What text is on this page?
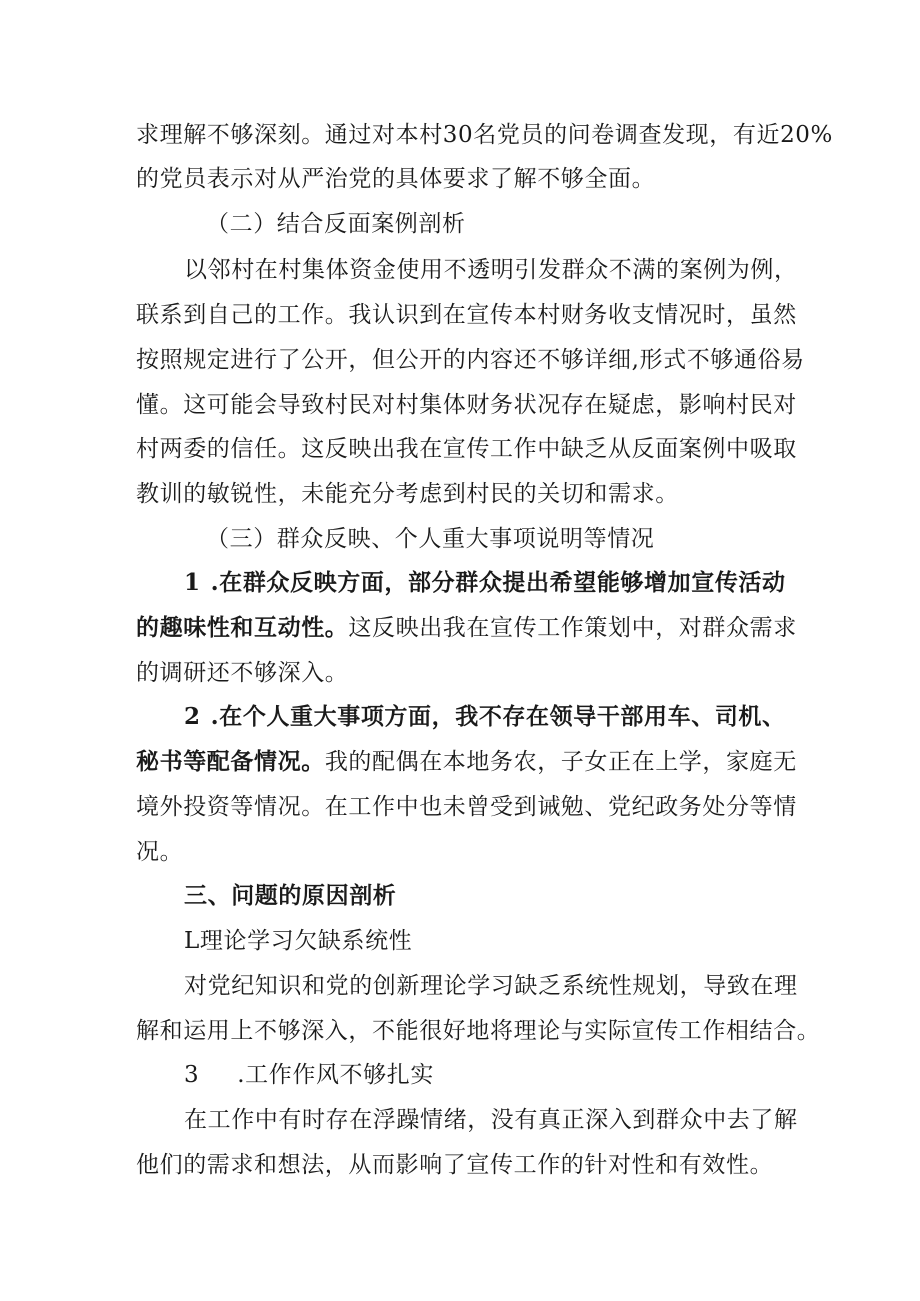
求理解不够深刻。通过对本村30名党员的问卷调查发现，有近20%
的党员表示对从严治党的具体要求了解不够全面。
（二）结合反面案例剖析
以邻村在村集体资金使用不透明引发群众不满的案例为例，
联系到自己的工作。我认识到在宣传本村财务收支情况时，虽然
按照规定进行了公开，但公开的内容还不够详细,形式不够通俗易
懂。这可能会导致村民对村集体财务状况存在疑虑，影响村民对
村两委的信任。这反映出我在宣传工作中缺乏从反面案例中吸取
教训的敏锐性，未能充分考虑到村民的关切和需求。
（三）群众反映、个人重大事项说明等情况
1 .在群众反映方面，部分群众提出希望能够增加宣传活动
的趣味性和互动性。这反映出我在宣传工作策划中，对群众需求
的调研还不够深入。
2 .在个人重大事项方面，我不存在领导干部用车、司机、
秘书等配备情况。我的配偶在本地务农，子女正在上学，家庭无
境外投资等情况。在工作中也未曾受到诫勉、党纪政务处分等情
况。
三、问题的原因剖析
L理论学习欠缺系统性
对党纪知识和党的创新理论学习缺乏系统性规划，导致在理
解和运用上不够深入，不能很好地将理论与实际宣传工作相结合。
3 .工作作风不够扎实
在工作中有时存在浮躁情绪，没有真正深入到群众中去了解
他们的需求和想法，从而影响了宣传工作的针对性和有效性。
